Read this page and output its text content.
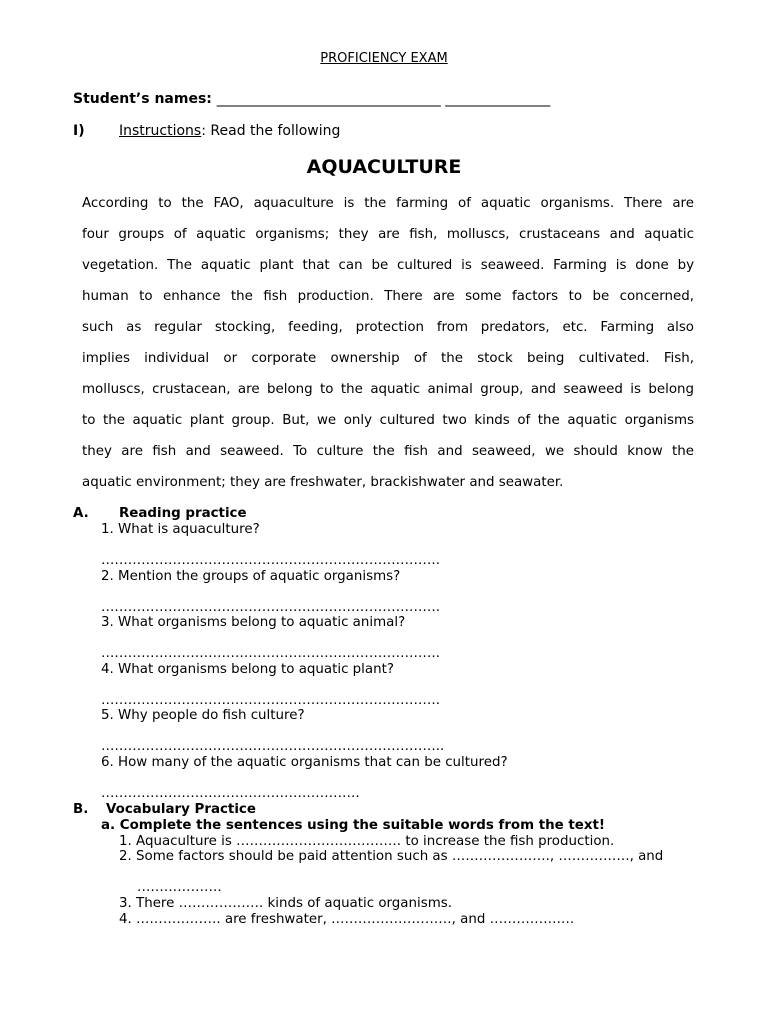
PROFICIENCY EXAM
Student’s names: ________________________________ _______________
I) Instructions: Read the following
AQUACULTURE
According to the FAO, aquaculture is the farming of aquatic organisms. There are
four groups of aquatic organisms; they are fish, molluscs, crustaceans and aquatic
vegetation. The aquatic plant that can be cultured is seaweed. Farming is done by
human to enhance the fish production. There are some factors to be concerned,
such as regular stocking, feeding, protection from predators, etc. Farming also
implies individual or corporate ownership of the stock being cultivated. Fish,
molluscs, crustacean, are belong to the aquatic animal group, and seaweed is belong
to the aquatic plant group. But, we only cultured two kinds of the aquatic organisms
they are fish and seaweed. To culture the fish and seaweed, we should know the
aquatic environment; they are freshwater, brackishwater and seawater.
A. Reading practice
1. What is aquaculture?
………………………………………………………………….
2. Mention the groups of aquatic organisms?
………………………………………………………………….
3. What organisms belong to aquatic animal?
………………………………………………………………….
4. What organisms belong to aquatic plant?
………………………………………………………………….
5. Why people do fish culture?
…………………………………………………………………..
6. How many of the aquatic organisms that can be cultured?
………………………………………………….
B. Vocabulary Practice
a. Complete the sentences using the suitable words from the text!
1. Aquaculture is ………………………………. to increase the fish production.
2. Some factors should be paid attention such as …………………., ……………., and
……………….
3. There ………………. kinds of aquatic organisms.
4. ………………. are freshwater, ………………………, and ……………….
